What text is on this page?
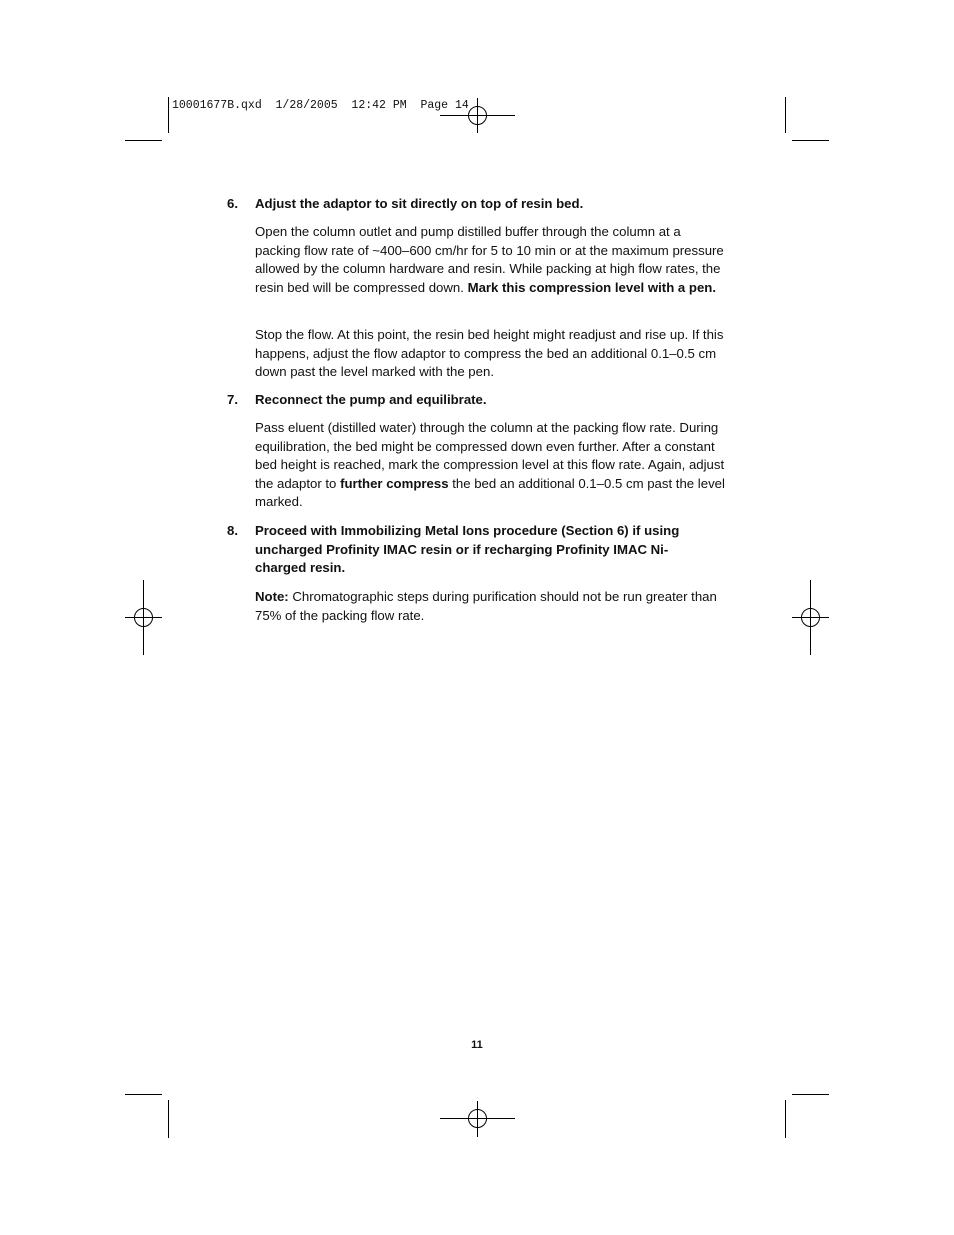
10001677B.qxd  1/28/2005  12:42 PM  Page 14
6. Adjust the adaptor to sit directly on top of resin bed.

Open the column outlet and pump distilled buffer through the column at a packing flow rate of ~400–600 cm/hr for 5 to 10 min or at the maximum pressure allowed by the column hardware and resin. While packing at high flow rates, the resin bed will be compressed down. Mark this compression level with a pen.

Stop the flow. At this point, the resin bed height might readjust and rise up. If this happens, adjust the flow adaptor to compress the bed an additional 0.1–0.5 cm down past the level marked with the pen.

7. Reconnect the pump and equilibrate.

Pass eluent (distilled water) through the column at the packing flow rate. During equilibration, the bed might be compressed down even further. After a constant bed height is reached, mark the compression level at this flow rate. Again, adjust the adaptor to further compress the bed an additional 0.1–0.5 cm past the level marked.

8. Proceed with Immobilizing Metal Ions procedure (Section 6) if using uncharged Profinity IMAC resin or if recharging Profinity IMAC Ni-charged resin.

Note: Chromatographic steps during purification should not be run greater than 75% of the packing flow rate.

11
